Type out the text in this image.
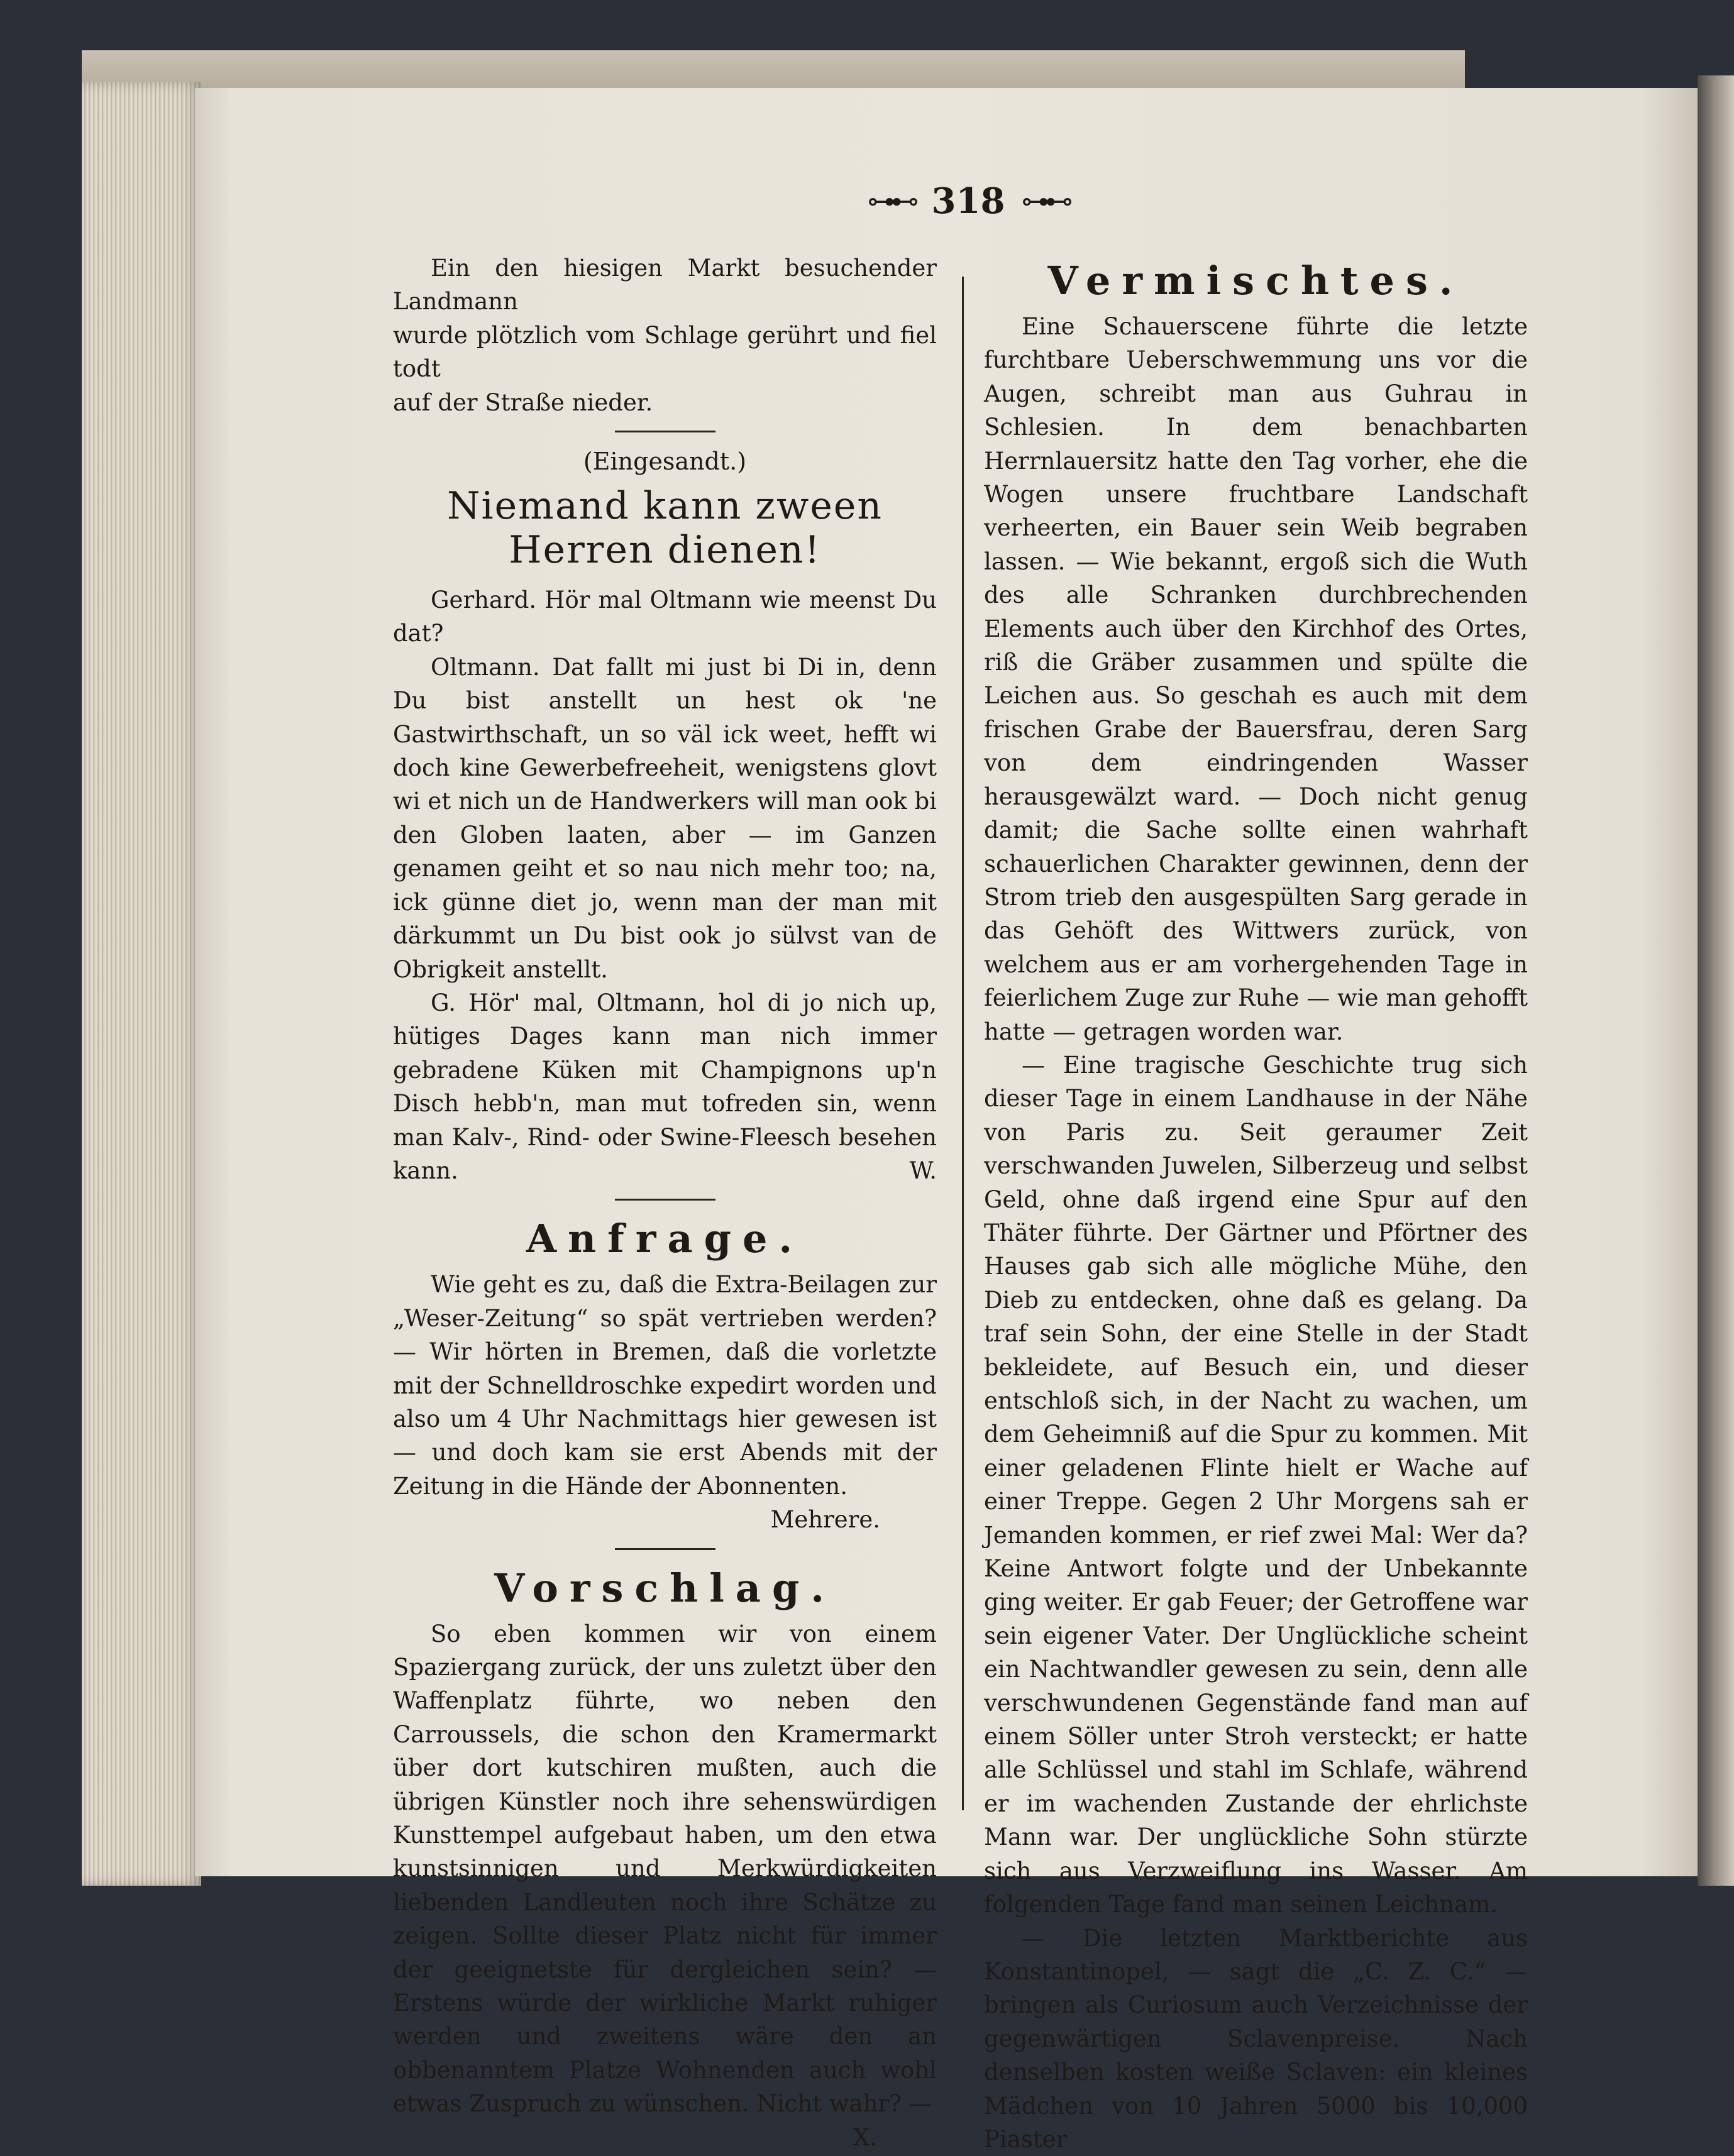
⊶⊷ 318 ⊶⊷

Ein den hiesigen Markt besuchender Landmann

wurde plötzlich vom Schlage gerührt und fiel todt

auf der Straße nieder.

(Eingesandt.)
Niemand kann zween Herren dienen!

Gerhard. Hör mal Oltmann wie meenst Du dat?

Oltmann. Dat fallt mi just bi Di in, denn Du bist anstellt un hest ok 'ne Gastwirthschaft, un so väl ick weet, hefft wi doch kine Gewerbefreeheit, wenigstens glovt wi et nich un de Handwerkers will man ook bi den Globen laaten, aber — im Ganzen genamen geiht et so nau nich mehr too; na, ick günne diet jo, wenn man der man mit därkummt un Du bist ook jo sülvst van de Obrigkeit anstellt.

G. Hör' mal, Oltmann, hol di jo nich up, hütiges Dages kann man nich immer gebradene Küken mit Champignons up'n Disch hebb'n, man mut tofreden sin, wenn man Kalv-, Rind- oder Swine-Fleesch besehen kann.	W.

Anfrage.

Wie geht es zu, daß die Extra-Beilagen zur „Weser-Zeitung“ so spät vertrieben werden? — Wir hörten in Bremen, daß die vorletzte mit der Schnelldroschke expedirt worden und also um 4 Uhr Nachmittags hier gewesen ist — und doch kam sie erst Abends mit der Zeitung in die Hände der Abonnenten.

Mehrere.
Vorschlag.

So eben kommen wir von einem Spaziergang zurück, der uns zuletzt über den Waffenplatz führte, wo neben den Carroussels, die schon den Kramermarkt über dort kutschiren mußten, auch die übrigen Künstler noch ihre sehenswürdigen Kunsttempel aufgebaut haben, um den etwa kunstsinnigen und Merkwürdigkeiten liebenden Landleuten noch ihre Schätze zu zeigen. Sollte dieser Platz nicht für immer der geeignetste für dergleichen sein? — Erstens würde der wirkliche Markt ruhiger werden und zweitens wäre den an obbenanntem Platze Wohnenden auch wohl etwas Zuspruch zu wünschen. Nicht wahr? —

X.
Vermischtes.

Eine Schauerscene führte die letzte furchtbare Ueberschwemmung uns vor die Augen, schreibt man aus Guhrau in Schlesien. In dem benachbarten Herrnlauersitz hatte den Tag vorher, ehe die Wogen unsere fruchtbare Landschaft verheerten, ein Bauer sein Weib begraben lassen. — Wie bekannt, ergoß sich die Wuth des alle Schranken durchbrechenden Elements auch über den Kirchhof des Ortes, riß die Gräber zusammen und spülte die Leichen aus. So geschah es auch mit dem frischen Grabe der Bauersfrau, deren Sarg von dem eindringenden Wasser herausgewälzt ward. — Doch nicht genug damit; die Sache sollte einen wahrhaft schauerlichen Charakter gewinnen, denn der Strom trieb den ausgespülten Sarg gerade in das Gehöft des Wittwers zurück, von welchem aus er am vorhergehenden Tage in feierlichem Zuge zur Ruhe — wie man gehofft hatte — getragen worden war.

— Eine tragische Geschichte trug sich dieser Tage in einem Landhause in der Nähe von Paris zu. Seit geraumer Zeit verschwanden Juwelen, Silberzeug und selbst Geld, ohne daß irgend eine Spur auf den Thäter führte. Der Gärtner und Pförtner des Hauses gab sich alle mögliche Mühe, den Dieb zu entdecken, ohne daß es gelang. Da traf sein Sohn, der eine Stelle in der Stadt bekleidete, auf Besuch ein, und dieser entschloß sich, in der Nacht zu wachen, um dem Geheimniß auf die Spur zu kommen. Mit einer geladenen Flinte hielt er Wache auf einer Treppe. Gegen 2 Uhr Morgens sah er Jemanden kommen, er rief zwei Mal: Wer da? Keine Antwort folgte und der Unbekannte ging weiter. Er gab Feuer; der Getroffene war sein eigener Vater. Der Unglückliche scheint ein Nachtwandler gewesen zu sein, denn alle verschwundenen Gegenstände fand man auf einem Söller unter Stroh versteckt; er hatte alle Schlüssel und stahl im Schlafe, während er im wachenden Zustande der ehrlichste Mann war. Der unglückliche Sohn stürzte sich aus Verzweiflung ins Wasser. Am folgenden Tage fand man seinen Leichnam.

— Die letzten Marktberichte aus Konstantinopel, — sagt die „C. Z. C.“ — bringen als Curiosum auch Verzeichnisse der gegenwärtigen Sclavenpreise. Nach denselben kosten weiße Sclaven: ein kleines Mädchen von 10 Jahren 5000 bis 10,000 Piaster
